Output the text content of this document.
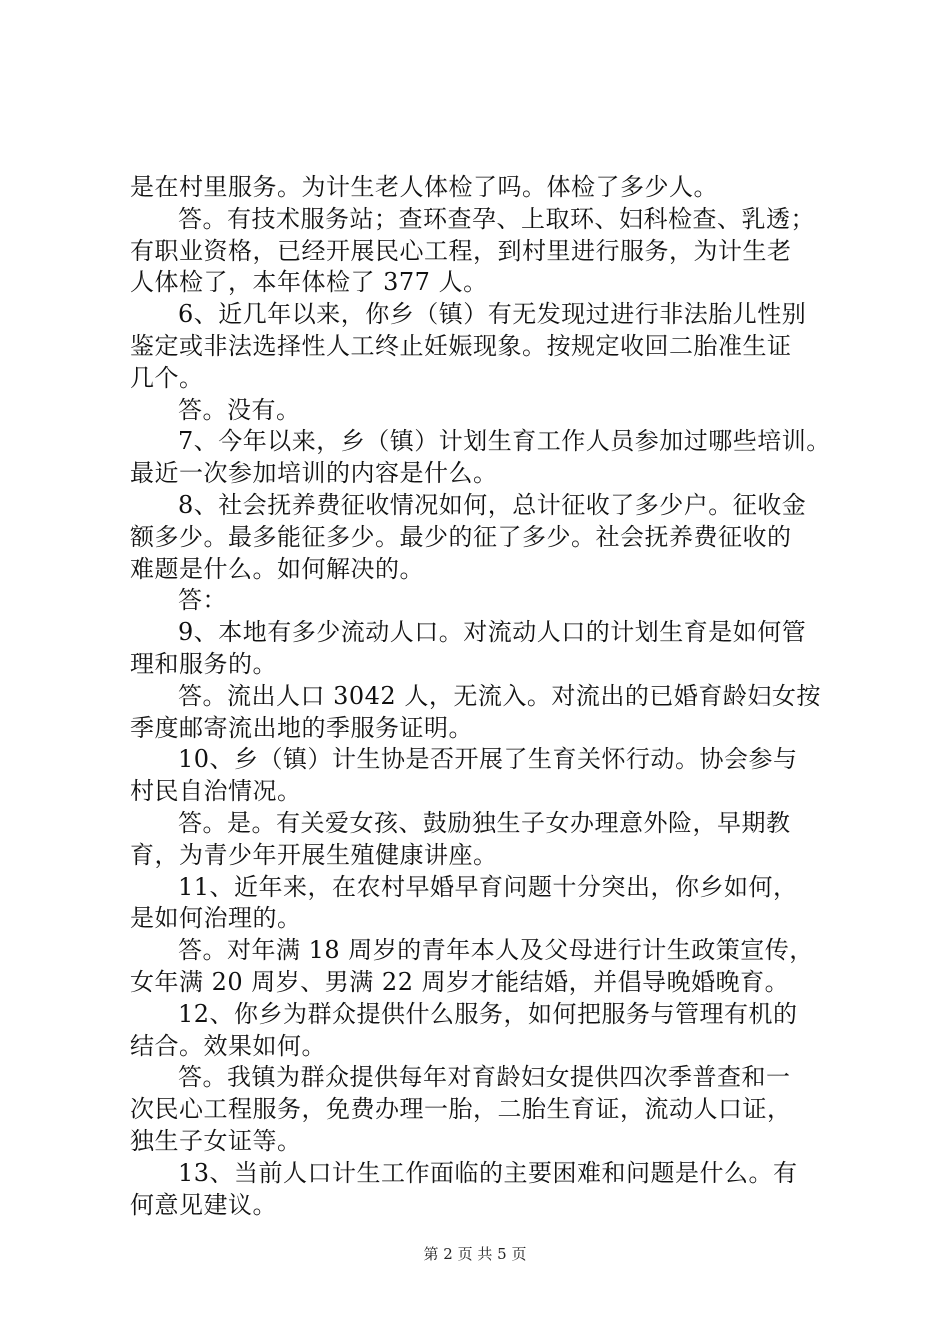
是在村里服务。为计生老人体检了吗。体检了多少人。
答。有技术服务站；查环查孕、上取环、妇科检查、乳透；
有职业资格，已经开展民心工程，到村里进行服务，为计生老
人体检了，本年体检了 377 人。
6、近几年以来，你乡（镇）有无发现过进行非法胎儿性别
鉴定或非法选择性人工终止妊娠现象。按规定收回二胎准生证
几个。
答。没有。
7、今年以来，乡（镇）计划生育工作人员参加过哪些培训。
最近一次参加培训的内容是什么。
8、社会抚养费征收情况如何，总计征收了多少户。征收金
额多少。最多能征多少。最少的征了多少。社会抚养费征收的
难题是什么。如何解决的。
答：
9、本地有多少流动人口。对流动人口的计划生育是如何管
理和服务的。
答。流出人口 3042 人，无流入。对流出的已婚育龄妇女按
季度邮寄流出地的季服务证明。
10、乡（镇）计生协是否开展了生育关怀行动。协会参与
村民自治情况。
答。是。有关爱女孩、鼓励独生子女办理意外险，早期教
育，为青少年开展生殖健康讲座。
11、近年来，在农村早婚早育问题十分突出，你乡如何，
是如何治理的。
答。对年满 18 周岁的青年本人及父母进行计生政策宣传，
女年满 20 周岁、男满 22 周岁才能结婚，并倡导晚婚晚育。
12、你乡为群众提供什么服务，如何把服务与管理有机的
结合。效果如何。
答。我镇为群众提供每年对育龄妇女提供四次季普查和一
次民心工程服务，免费办理一胎，二胎生育证，流动人口证，
独生子女证等。
13、当前人口计生工作面临的主要困难和问题是什么。有
何意见建议。
第 2 页 共 5 页
